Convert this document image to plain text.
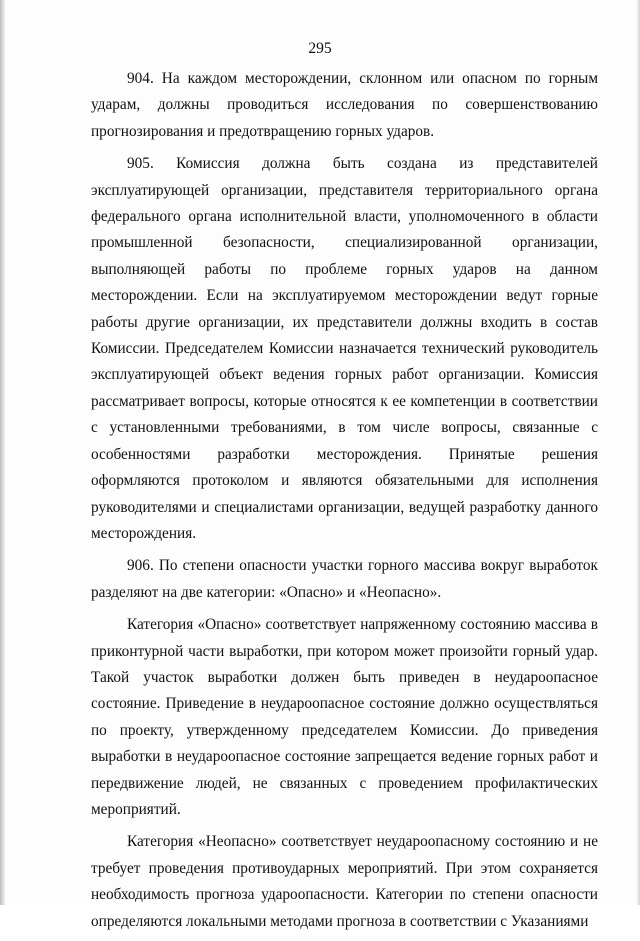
295

904. На каждом месторождении, склонном или опасном по горным ударам, должны проводиться исследования по совершенствованию прогнозирования и предотвращению горных ударов.

905. Комиссия должна быть создана из представителей эксплуатирующей организации, представителя территориального органа федерального органа исполнительной власти, уполномоченного в области промышленной безопасности, специализированной организации, выполняющей работы по проблеме горных ударов на данном месторождении. Если на эксплуатируемом месторождении ведут горные работы другие организации, их представители должны входить в состав Комиссии. Председателем Комиссии назначается технический руководитель эксплуатирующей объект ведения горных работ организации. Комиссия рассматривает вопросы, которые относятся к ее компетенции в соответствии с установленными требованиями, в том числе вопросы, связанные с особенностями разработки месторождения. Принятые решения оформляются протоколом и являются обязательными для исполнения руководителями и специалистами организации, ведущей разработку данного месторождения.

906. По степени опасности участки горного массива вокруг выработок разделяют на две категории: «Опасно» и «Неопасно».

Категория «Опасно» соответствует напряженному состоянию массива в приконтурной части выработки, при котором может произойти горный удар. Такой участок выработки должен быть приведен в неудароопасное состояние. Приведение в неудароопасное состояние должно осуществляться по проекту, утвержденному председателем Комиссии. До приведения выработки в неудароопасное состояние запрещается ведение горных работ и передвижение людей, не связанных с проведением профилактических мероприятий.

Категория «Неопасно» соответствует неудароопасному состоянию и не требует проведения противоударных мероприятий. При этом сохраняется необходимость прогноза удароопасности. Категории по степени опасности определяются локальными методами прогноза в соответствии с Указаниями
